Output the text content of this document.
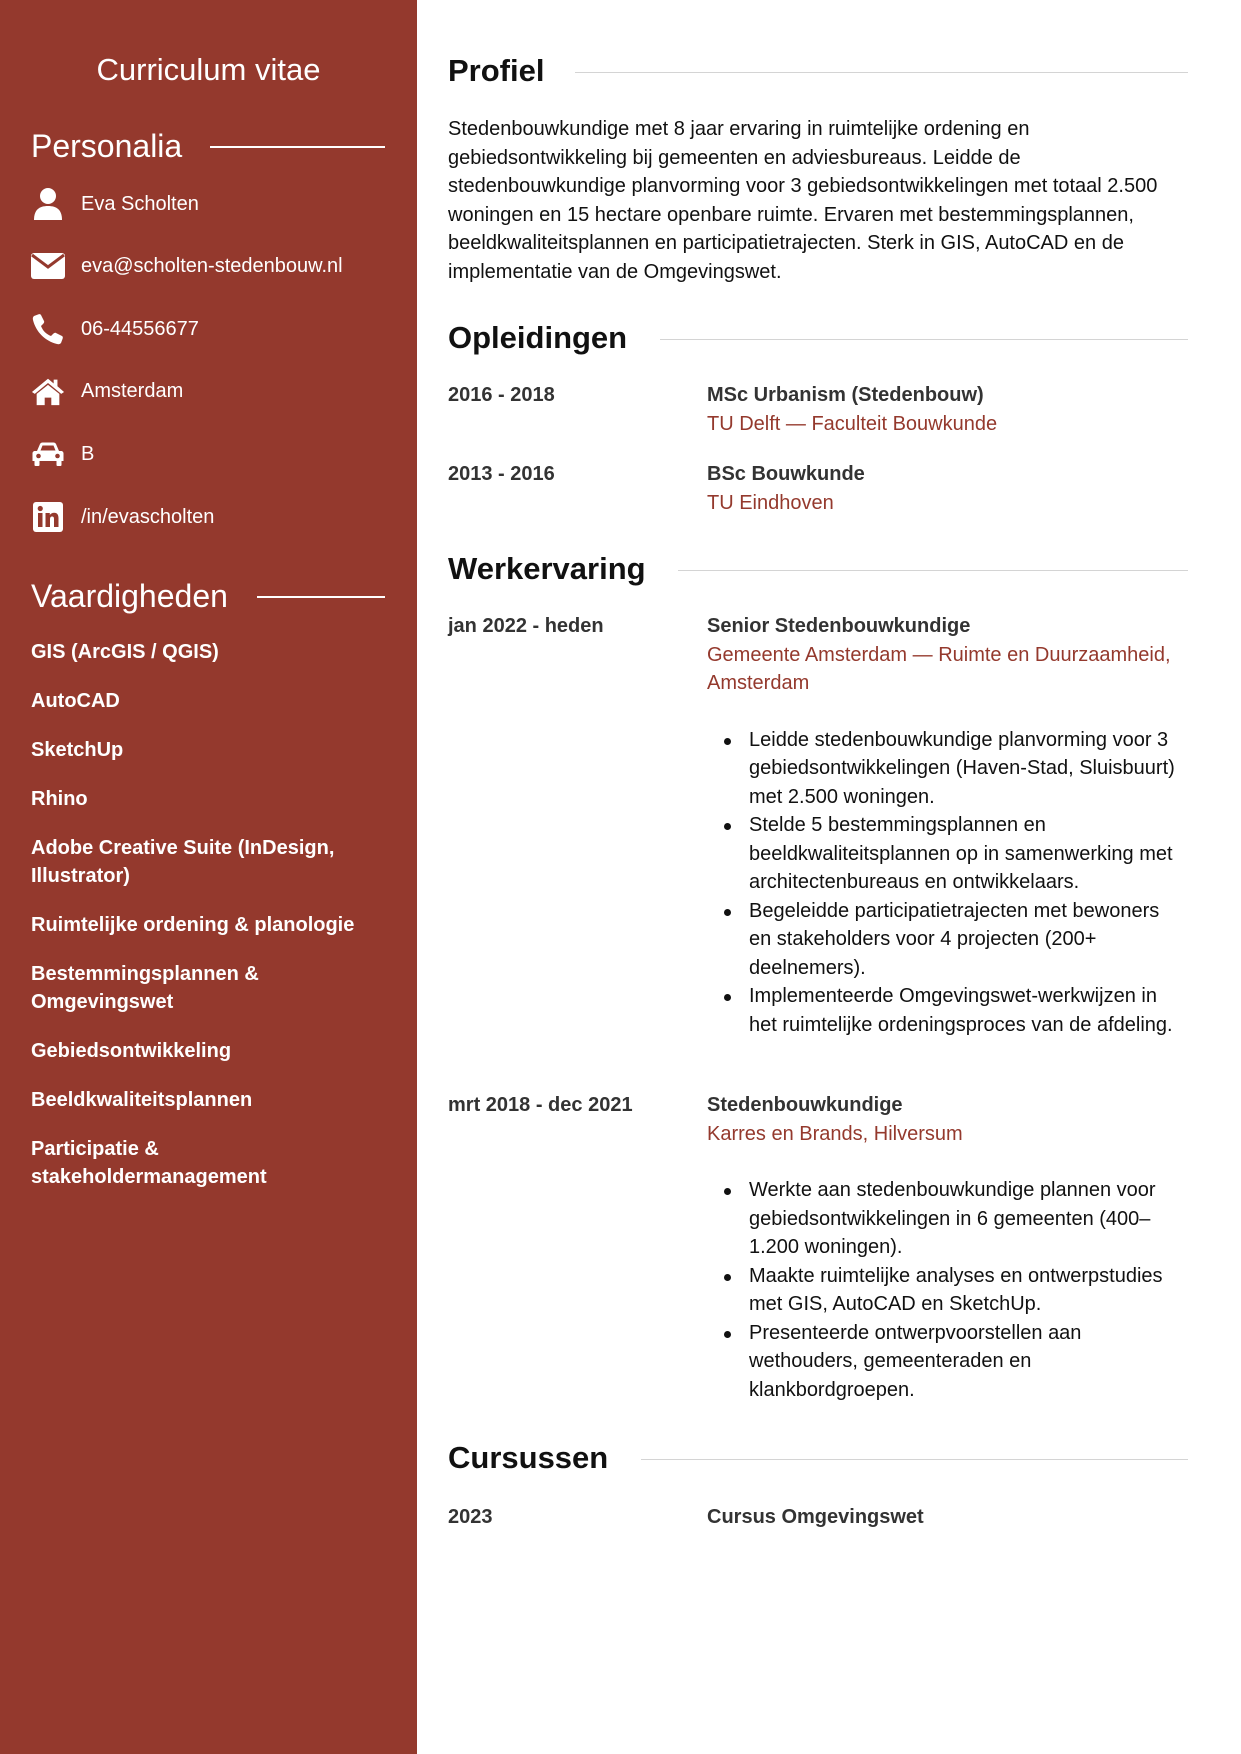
Curriculum vitae
Personalia
Eva Scholten
eva@scholten-stedenbouw.nl
06-44556677
Amsterdam
B
/in/evascholten
Vaardigheden
GIS (ArcGIS / QGIS)
AutoCAD
SketchUp
Rhino
Adobe Creative Suite (InDesign, Illustrator)
Ruimtelijke ordening & planologie
Bestemmingsplannen & Omgevingswet
Gebiedsontwikkeling
Beeldkwaliteitsplannen
Participatie & stakeholdermanagement
Profiel

Stedenbouwkundige met 8 jaar ervaring in ruimtelijke ordening en gebiedsontwikkeling bij gemeenten en adviesbureaus. Leidde de stedenbouwkundige planvorming voor 3 gebiedsontwikkelingen met totaal 2.500 woningen en 15 hectare openbare ruimte. Ervaren met bestemmingsplannen, beeldkwaliteitsplannen en participatietrajecten. Sterk in GIS, AutoCAD en de implementatie van de Omgevingswet.

Opleidingen
2016 - 2018	MSc Urbanism (Stedenbouw)
TU Delft — Faculteit Bouwkunde
2013 - 2016	BSc Bouwkunde
TU Eindhoven
Werkervaring
jan 2022 - heden	Senior Stedenbouwkundige
Gemeente Amsterdam — Ruimte en Duurzaamheid, Amsterdam
Leidde stedenbouwkundige planvorming voor 3 gebiedsontwikkelingen (Haven-Stad, Sluisbuurt) met 2.500 woningen.
Stelde 5 bestemmingsplannen en beeldkwaliteitsplannen op in samenwerking met architectenbureaus en ontwikkelaars.
Begeleidde participatietrajecten met bewoners en stakeholders voor 4 projecten (200+ deelnemers).
Implementeerde Omgevingswet-werkwijzen in het ruimtelijke ordeningsproces van de afdeling.
mrt 2018 - dec 2021	Stedenbouwkundige
Karres en Brands, Hilversum
Werkte aan stedenbouwkundige plannen voor gebiedsontwikkelingen in 6 gemeenten (400–1.200 woningen).
Maakte ruimtelijke analyses en ontwerpstudies met GIS, AutoCAD en SketchUp.
Presenteerde ontwerpvoorstellen aan wethouders, gemeenteraden en klankbordgroepen.
Cursussen
2023	Cursus Omgevingswet
